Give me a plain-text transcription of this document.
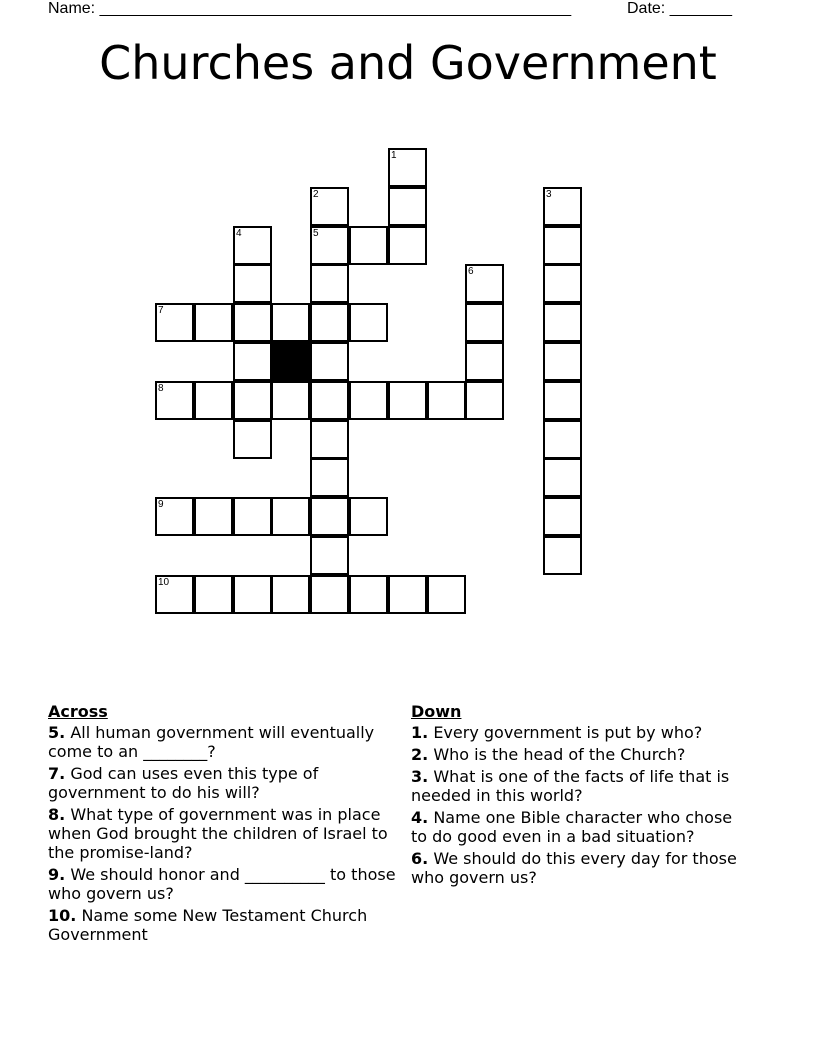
Name: _____________________________________________________	Date: _______
Churches and Government
1
2	3
4	5
6
7
8
9
10
Across
5. All human government will eventually come to an ________?
7. God can uses even this type of government to do his will?
8. What type of government was in place when God brought the children of Israel to the promise-land?
9. We should honor and __________ to those who govern us?
10. Name some New Testament Church Government
Down
1. Every government is put by who?
2. Who is the head of the Church?
3. What is one of the facts of life that is needed in this world?
4. Name one Bible character who chose to do good even in a bad situation?
6. We should do this every day for those who govern us?
